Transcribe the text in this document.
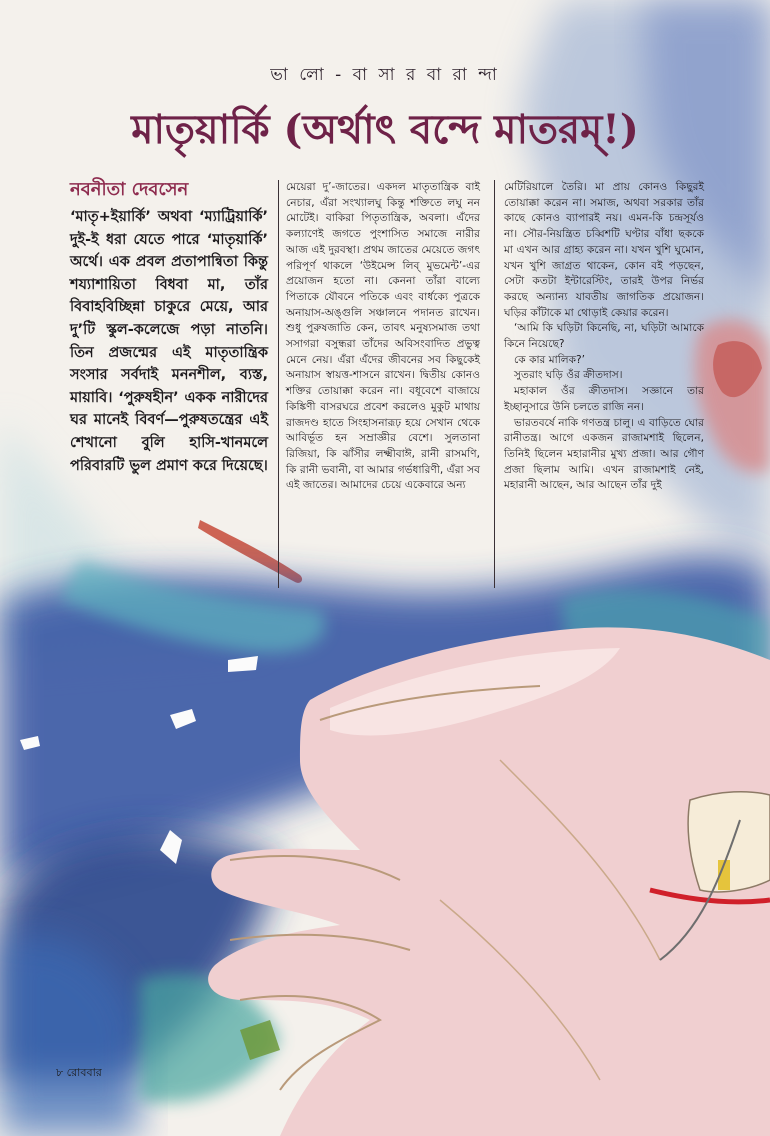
ভা লো - বা সা র বা রা ন্দা
মাতৃয়ার্কি (অর্থাৎ বন্দে মাতরম্‌!)
নবনীতা দেবসেন
‘মাতৃ+ইয়ার্কি’ অথবা ‘ম্যাট্রিয়ার্কি’ দুই-ই ধরা যেতে পারে ‘মাতৃয়ার্কি’ অর্থে। এক প্রবল প্রতাপান্বিতা কিন্তু শয্যাশায়িতা বিধবা মা, তাঁর বিবাহবিচ্ছিন্না চাকুরে মেয়ে, আর দু’টি স্কুল-কলেজে পড়া নাতনি। তিন প্রজন্মের এই মাতৃতান্ত্রিক সংসার সর্বদাই মননশীল, ব্যস্ত, মায়াবি। ‘পুরুষহীন’ একক নারীদের ঘর মানেই বিবর্ণ—পুরুষতন্ত্রের এই শেখানো বুলি হাসি-খানমলে পরিবারটি ভুল প্রমাণ করে দিয়েছে।

মেয়েরা দু’-জাতের। একদল মাতৃতান্ত্রিক বাই নেচার, এঁরা সংখ্যালঘু কিন্তু শক্তিতে লঘু নন মোটেই। বাকিরা পিতৃতান্ত্রিক, অবলা। এঁদের কল্যাণেই জগতে পুংশাসিত সমাজে নারীর আজ এই দুরবস্থা। প্রথম জাতের মেয়েতে জগৎ পরিপূর্ণ থাকলে ‘উইমেন্স লিব্‌ মুভমেন্ট’-এর প্রয়োজন হতো না। কেননা তাঁরা বাল্যে পিতাকে যৌবনে পতিকে এবং বার্ধক্যে পুত্রকে অনায়াস-অঙ্গুলি সঞ্চালনে পদানত রাখেন। শুধু পুরুষজাতি কেন, তাবৎ মনুষ্যসমাজ তথা সসাগরা বসুন্ধরা তাঁদের অবিসংবাদিত প্রভুত্ব মেনে নেয়। এঁরা এঁদের জীবনের সব কিছুকেই অনায়াস স্বায়ত্ত-শাসনে রাখেন। দ্বিতীয় কোনও শক্তির তোয়াক্কা করেন না। বধূবেশে বাজায়ে কিঙ্কিণী বাসরঘরে প্রবেশ করলেও মুকুট মাথায় রাজদণ্ড হাতে সিংহাসনারূঢ় হয়ে সেখান থেকে আবির্ভূত হন সম্রাজ্ঞীর বেশে। সুলতানা রিজিয়া, কি ঝাঁসীর লক্ষ্মীবাঈ, রানী রাসমণি, কি রানী ভবানী, বা আমার গর্ভধারিণী, এঁরা সব এই জাতের। আমাদের চেয়ে একেবারে অন্য

মেটিরিয়ালে তৈরি। মা প্রায় কোনও কিছুরই তোয়াক্কা করেন না। সমাজ, অথবা সরকার তাঁর কাছে কোনও ব্যাপারই নয়। এমন-কি চন্দ্রসূর্যও না। সৌর-নিয়ন্ত্রিত চব্বিশটি ঘণ্টার বাঁধা ছককে মা এখন আর গ্রাহ্য করেন না। যখন খুশি ঘুমোন, যখন খুশি জাগ্রত থাকেন, কোন বই পড়ছেন, সেটা কতটা ইন্টারেস্টিং, তারই উপর নির্ভর করছে অন্যান্য যাবতীয় জাগতিক প্রয়োজন। ঘড়ির কাঁটাকে মা থোড়াই কেয়ার করেন।

‘আমি কি ঘড়িটা কিনেছি, না, ঘড়িটা আমাকে কিনে নিয়েছে?

কে কার মালিক?’

সুতরাং ঘড়ি ওঁর ক্রীতদাস।

মহাকাল ওঁর ক্রীতদাস। সজ্ঞানে তার ইচ্ছানুসারে উনি চলতে রাজি নন।

ভারতবর্ষে নাকি গণতন্ত্র চালু। এ বাড়িতে ঘোর রানীতন্ত্র। আগে একজন রাজামশাই ছিলেন, তিনিই ছিলেন মহারানীর মুখ্য প্রজা। আর গৌণ প্রজা ছিলাম আমি। এখন রাজামশাই নেই, মহারানী আছেন, আর আছেন তাঁর দুই

৮ রোববার
